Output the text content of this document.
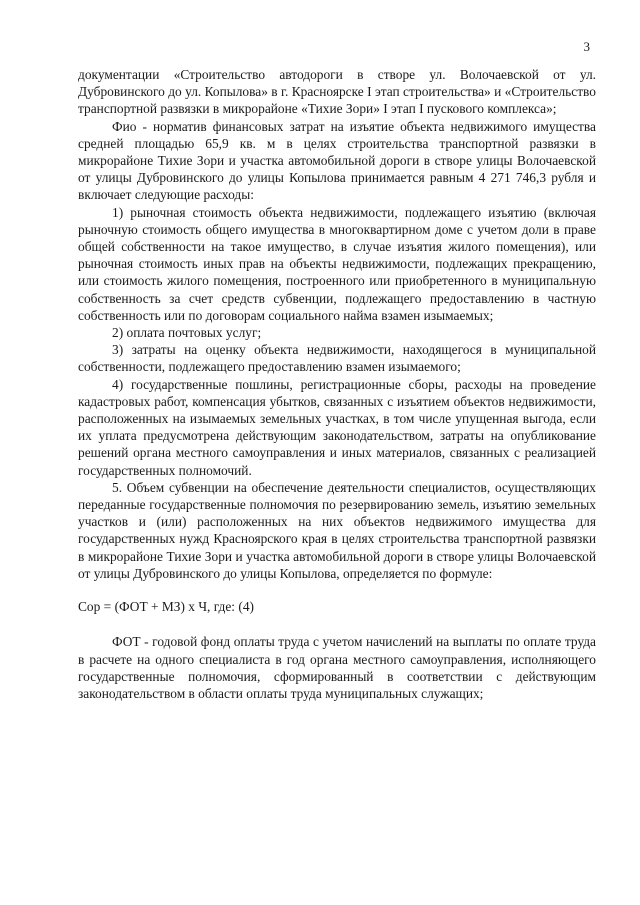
3

документации «Строительство автодороги в створе ул. Волочаевской от ул. Дубровинского до ул. Копылова» в г. Красноярске I этап строительства» и «Строительство транспортной развязки в микрорайоне «Тихие Зори» I этап I пускового комплекса»;

Фио - норматив финансовых затрат на изъятие объекта недвижимого имущества средней площадью 65,9 кв. м в целях строительства транспортной развязки в микрорайоне Тихие Зори и участка автомобильной дороги в створе улицы Волочаевской от улицы Дубровинского до улицы Копылова принимается равным 4 271 746,3 рубля и включает следующие расходы:

1) рыночная стоимость объекта недвижимости, подлежащего изъятию (включая рыночную стоимость общего имущества в многоквартирном доме с учетом доли в праве общей собственности на такое имущество, в случае изъятия жилого помещения), или рыночная стоимость иных прав на объекты недвижимости, подлежащих прекращению, или стоимость жилого помещения, построенного или приобретенного в муниципальную собственность за счет средств субвенции, подлежащего предоставлению в частную собственность или по договорам социального найма взамен изымаемых;

2) оплата почтовых услуг;

3) затраты на оценку объекта недвижимости, находящегося в муниципальной собственности, подлежащего предоставлению взамен изымаемого;

4) государственные пошлины, регистрационные сборы, расходы на проведение кадастровых работ, компенсация убытков, связанных с изъятием объектов недвижимости, расположенных на изымаемых земельных участках, в том числе упущенная выгода, если их уплата предусмотрена действующим законодательством, затраты на опубликование решений органа местного самоуправления и иных материалов, связанных с реализацией государственных полномочий.

5. Объем субвенции на обеспечение деятельности специалистов, осуществляющих переданные государственные полномочия по резервированию земель, изъятию земельных участков и (или) расположенных на них объектов недвижимого имущества для государственных нужд Красноярского края в целях строительства транспортной развязки в микрорайоне Тихие Зори и участка автомобильной дороги в створе улицы Волочаевской от улицы Дубровинского до улицы Копылова, определяется по формуле:

Сор = (ФОТ + МЗ) х Ч, где: (4)

ФОТ - годовой фонд оплаты труда с учетом начислений на выплаты по оплате труда в расчете на одного специалиста в год органа местного самоуправления, исполняющего государственные полномочия, сформированный в соответствии с действующим законодательством в области оплаты труда муниципальных служащих;
